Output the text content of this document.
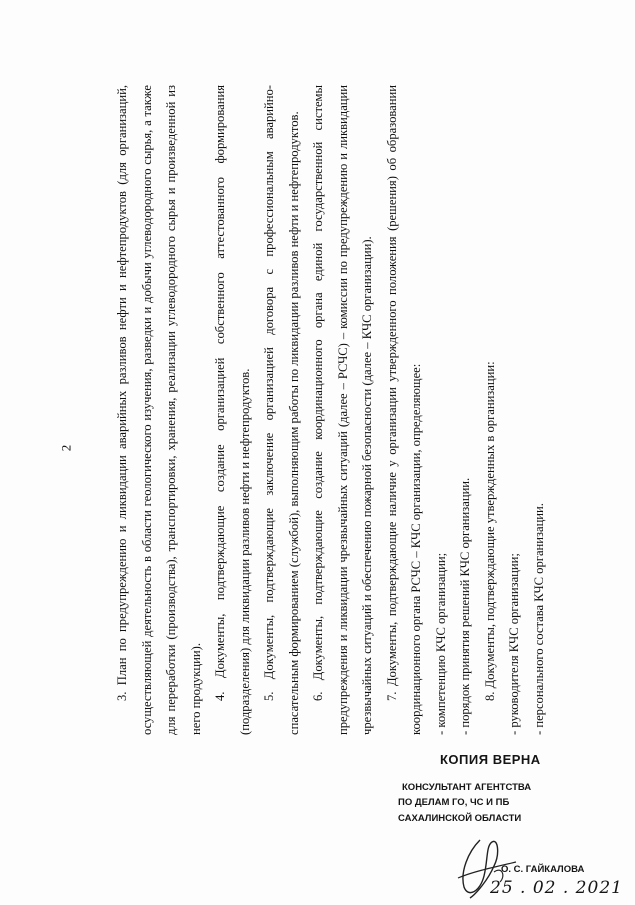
2	3. План по предупреждению и ликвидации аварийных разливов нефти и нефтепродуктов (для организаций, осуществляющей деятельность в области геологического изучения, разведки и добычи углеводородного сырья, а также для переработки (производства), транспортировки, хранения, реализации углеводородного сырья и произведенной из него продукции). 4. Документы, подтверждающие создание организацией собственного аттестованного формирования (подразделения) для ликвидации разливов нефти и нефтепродуктов. 5. Документы, подтверждающие заключение организацией договора с профессиональным аварийно-спасательным формированием (службой), выполняющим работы по ликвидации разливов нефти и нефтепродуктов. 6. Документы, подтверждающие создание координационного органа единой государственной системы предупреждения и ликвидации чрезвычайных ситуаций (далее – РСЧС) – комиссии по предупреждению и ликвидации чрезвычайных ситуаций и обеспечению пожарной безопасности (далее – КЧС организации). 7. Документы, подтверждающие наличие у организации утвержденного положения (решения) об образовании координационного органа РСЧС – КЧС организации, определяющее: - компетенцию КЧС организации; - порядок принятия решений КЧС организации. 8. Документы, подтверждающие утвержденных в организации: - руководителя КЧС организации; - персонального состава КЧС организации.

КОПИЯ ВЕРНА
КОНСУЛЬТАНТ АГЕНТСТВА
ПО ДЕЛАМ ГО, ЧС И ПБ
САХАЛИНСКОЙ ОБЛАСТИ
О. С. ГАЙКАЛОВА
25 . 02 . 2021
